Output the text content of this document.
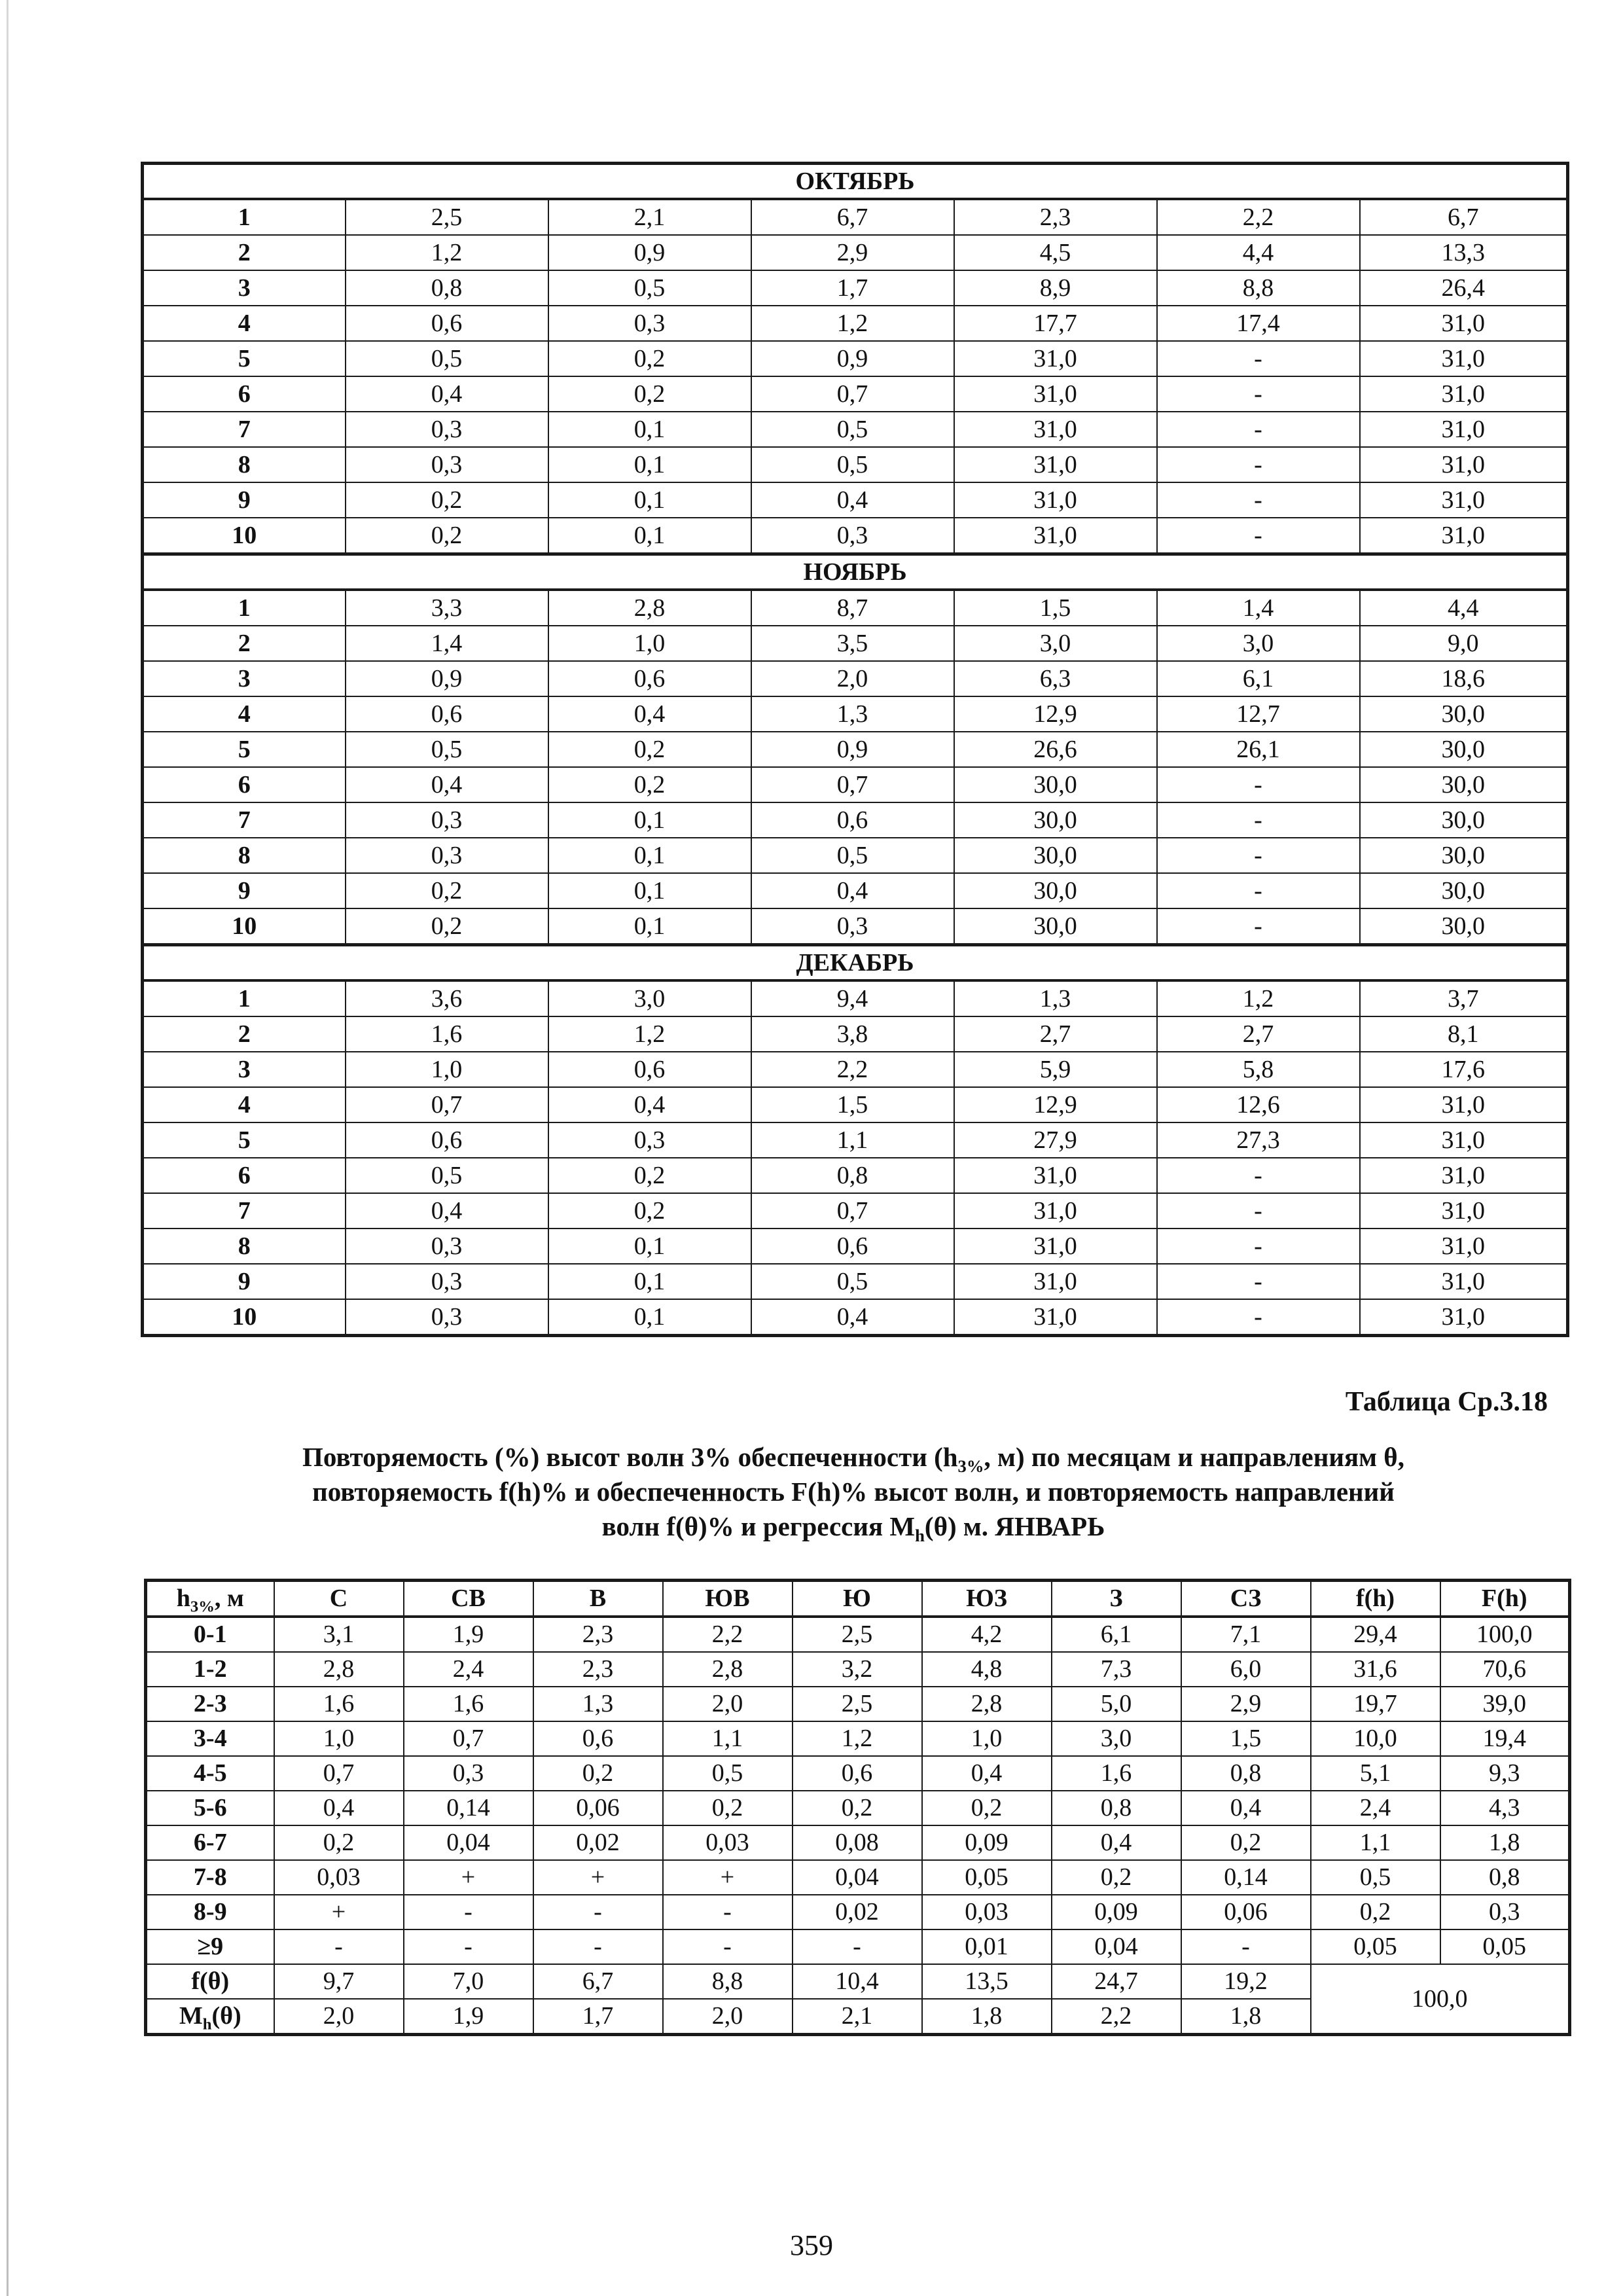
ОКТЯБРЬ						
1	2,5	2,1	6,7	2,3	2,2	6,7
2	1,2	0,9	2,9	4,5	4,4	13,3
3	0,8	0,5	1,7	8,9	8,8	26,4
4	0,6	0,3	1,2	17,7	17,4	31,0
5	0,5	0,2	0,9	31,0	-	31,0
6	0,4	0,2	0,7	31,0	-	31,0
7	0,3	0,1	0,5	31,0	-	31,0
8	0,3	0,1	0,5	31,0	-	31,0
9	0,2	0,1	0,4	31,0	-	31,0
10	0,2	0,1	0,3	31,0	-	31,0
НОЯБРЬ						
1	3,3	2,8	8,7	1,5	1,4	4,4
2	1,4	1,0	3,5	3,0	3,0	9,0
3	0,9	0,6	2,0	6,3	6,1	18,6
4	0,6	0,4	1,3	12,9	12,7	30,0
5	0,5	0,2	0,9	26,6	26,1	30,0
6	0,4	0,2	0,7	30,0	-	30,0
7	0,3	0,1	0,6	30,0	-	30,0
8	0,3	0,1	0,5	30,0	-	30,0
9	0,2	0,1	0,4	30,0	-	30,0
10	0,2	0,1	0,3	30,0	-	30,0
ДЕКАБРЬ						
1	3,6	3,0	9,4	1,3	1,2	3,7
2	1,6	1,2	3,8	2,7	2,7	8,1
3	1,0	0,6	2,2	5,9	5,8	17,6
4	0,7	0,4	1,5	12,9	12,6	31,0
5	0,6	0,3	1,1	27,9	27,3	31,0
6	0,5	0,2	0,8	31,0	-	31,0
7	0,4	0,2	0,7	31,0	-	31,0
8	0,3	0,1	0,6	31,0	-	31,0
9	0,3	0,1	0,5	31,0	-	31,0
10	0,3	0,1	0,4	31,0	-	31,0
Таблица Ср.3.18
Повторяемость (%) высот волн 3% обеспеченности ($h_{3\%}$, м) по месяцам и направлениям θ,
повторяемость f(h)% и обеспеченность F(h)% высот волн, и повторяемость направлений
волн f(θ)% и регрессия $M_h(\theta)$ м. ЯНВАРЬ
$h_{3\%}$, м	С	СВ	В	ЮВ	Ю	ЮЗ	З	СЗ	f(h)	F(h)
0-1	3,1	1,9	2,3	2,2	2,5	4,2	6,1	7,1	29,4	100,0
1-2	2,8	2,4	2,3	2,8	3,2	4,8	7,3	6,0	31,6	70,6
2-3	1,6	1,6	1,3	2,0	2,5	2,8	5,0	2,9	19,7	39,0
3-4	1,0	0,7	0,6	1,1	1,2	1,0	3,0	1,5	10,0	19,4
4-5	0,7	0,3	0,2	0,5	0,6	0,4	1,6	0,8	5,1	9,3
5-6	0,4	0,14	0,06	0,2	0,2	0,2	0,8	0,4	2,4	4,3
6-7	0,2	0,04	0,02	0,03	0,08	0,09	0,4	0,2	1,1	1,8
7-8	0,03	+	+	+	0,04	0,05	0,2	0,14	0,5	0,8
8-9	+	-	-	-	0,02	0,03	0,09	0,06	0,2	0,3
≥9	-	-	-	-	-	0,01	0,04	-	0,05	0,05
f(θ)	9,7	7,0	6,7	8,8	10,4	13,5	24,7	19,2	100,0	
$M_h(\theta)$	2,0	1,9	1,7	2,0	2,1	1,8	2,2	1,8		
359
